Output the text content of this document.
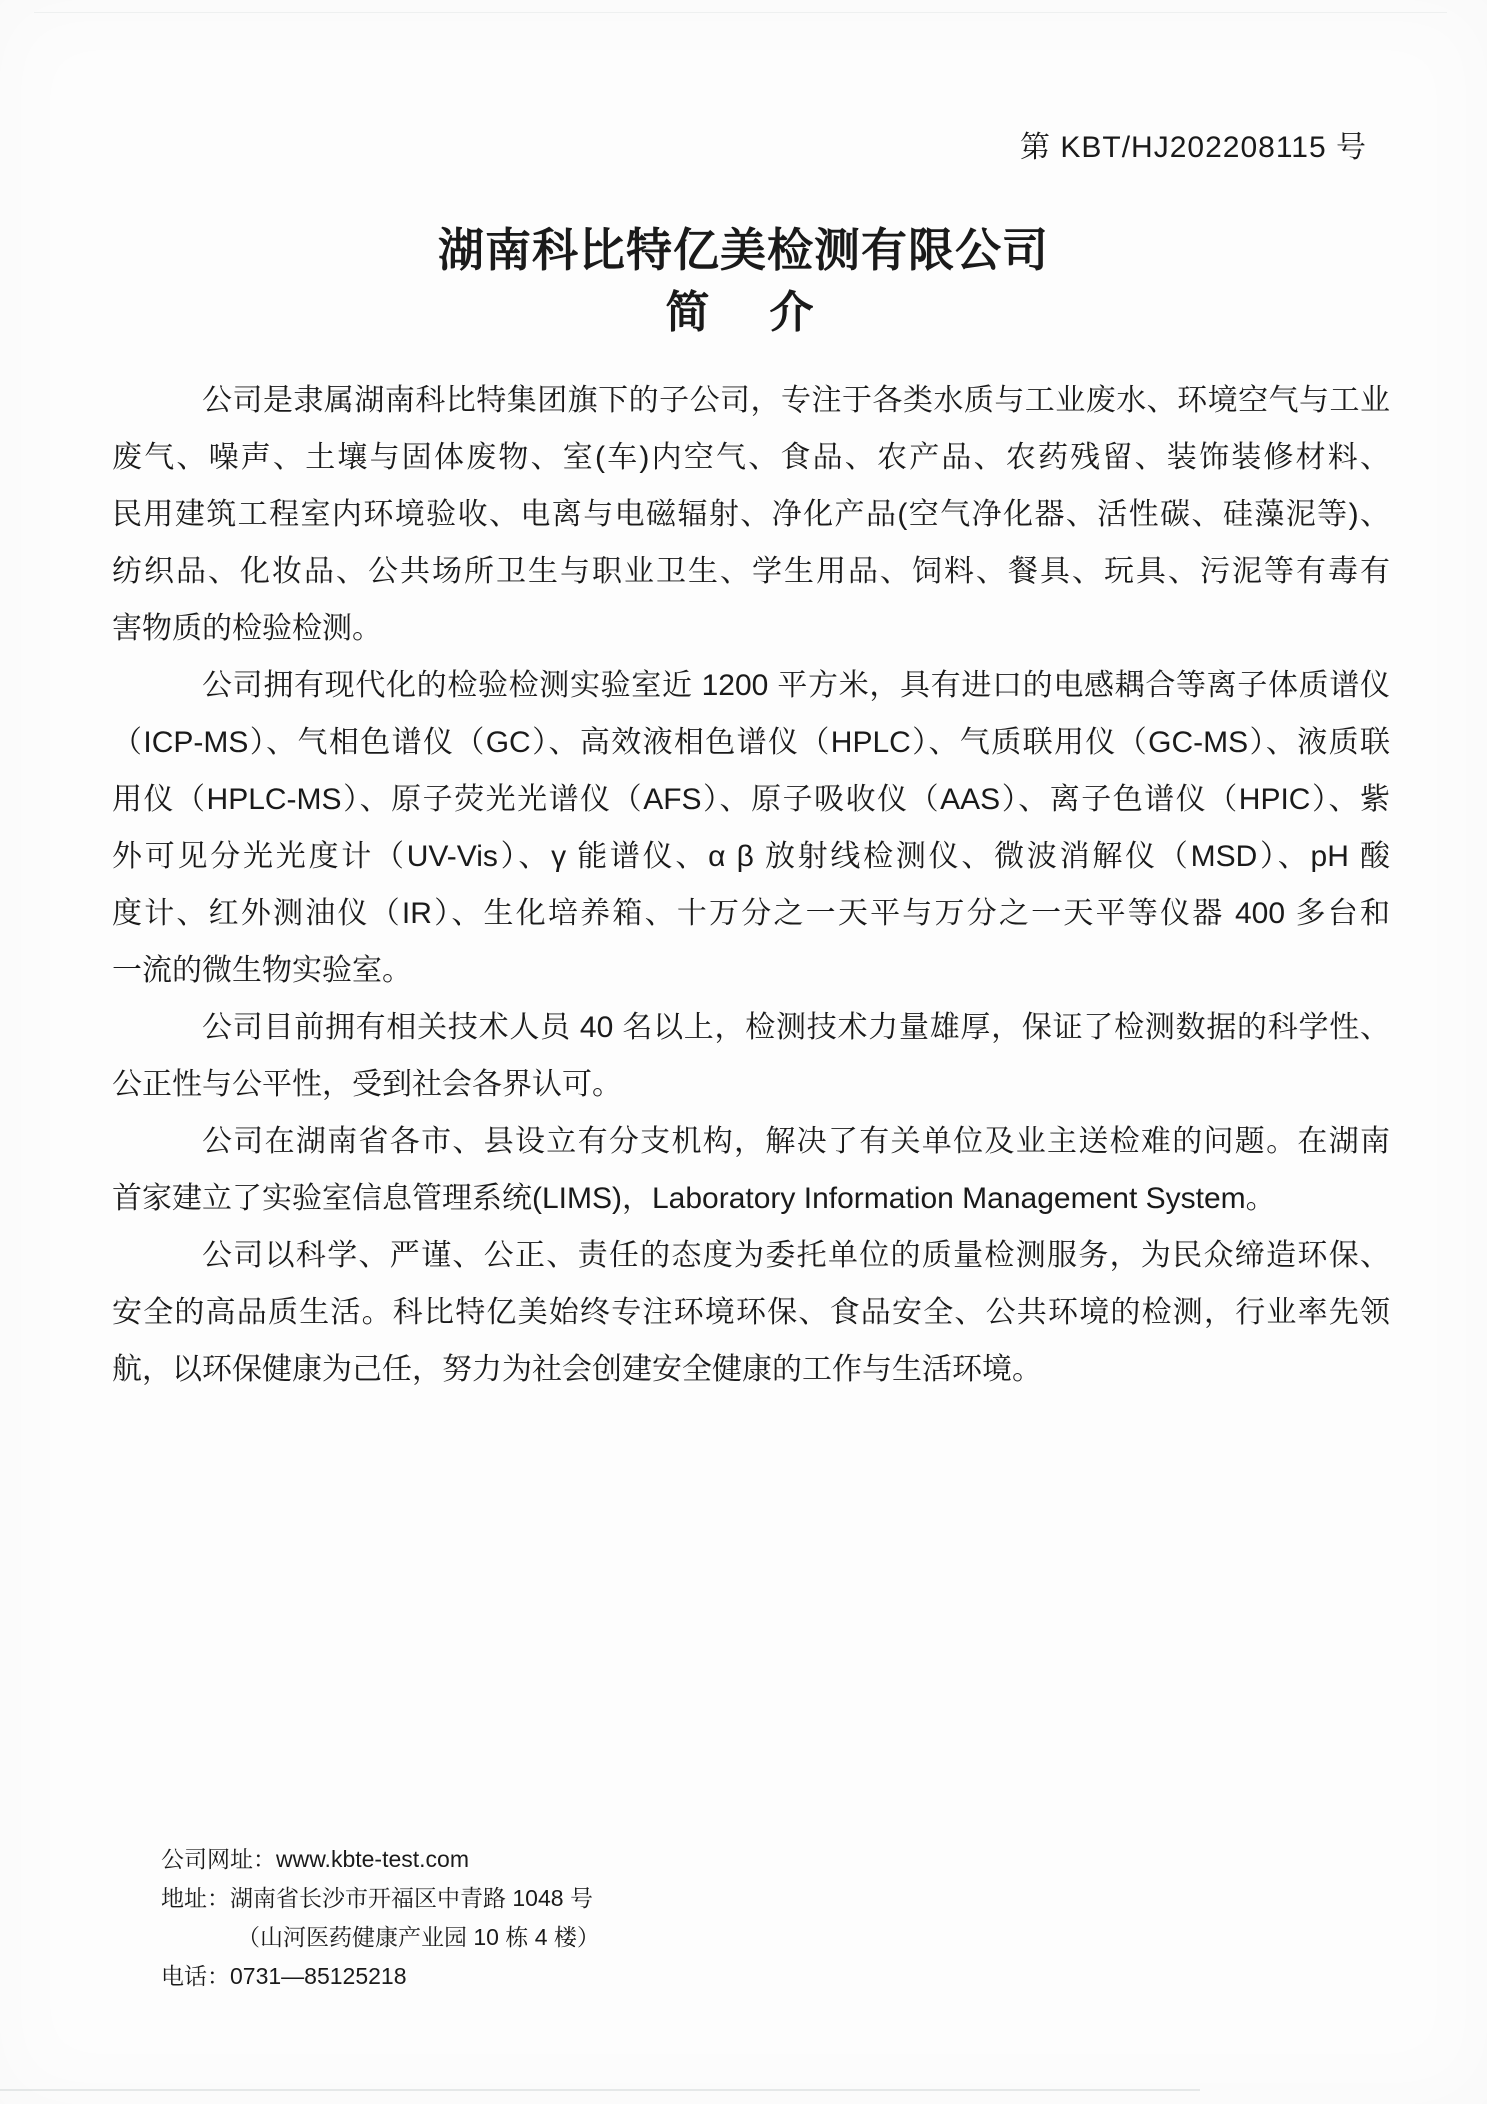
第 KBT/HJ202208115 号
湖南科比特亿美检测有限公司
简　介
公司是隶属湖南科比特集团旗下的子公司，专注于各类水质与工业废水、环境空气与工业
废气、噪声、土壤与固体废物、室(车)内空气、食品、农产品、农药残留、装饰装修材料、
民用建筑工程室内环境验收、电离与电磁辐射、净化产品(空气净化器、活性碳、硅藻泥等)、
纺织品、化妆品、公共场所卫生与职业卫生、学生用品、饲料、餐具、玩具、污泥等有毒有
害物质的检验检测。
公司拥有现代化的检验检测实验室近 1200 平方米，具有进口的电感耦合等离子体质谱仪
（ICP-MS）、气相色谱仪（GC）、高效液相色谱仪（HPLC）、气质联用仪（GC-MS）、液质联
用仪（HPLC-MS）、原子荧光光谱仪（AFS）、原子吸收仪（AAS）、离子色谱仪（HPIC）、紫
外可见分光光度计（UV-Vis）、γ 能谱仪、α β 放射线检测仪、微波消解仪（MSD）、pH 酸
度计、红外测油仪（IR）、生化培养箱、十万分之一天平与万分之一天平等仪器 400 多台和
一流的微生物实验室。
公司目前拥有相关技术人员 40 名以上，检测技术力量雄厚，保证了检测数据的科学性、
公正性与公平性，受到社会各界认可。
公司在湖南省各市、县设立有分支机构，解决了有关单位及业主送检难的问题。在湖南
首家建立了实验室信息管理系统(LIMS)，Laboratory Information Management System。
公司以科学、严谨、公正、责任的态度为委托单位的质量检测服务，为民众缔造环保、
安全的高品质生活。科比特亿美始终专注环境环保、食品安全、公共环境的检测，行业率先领
航，以环保健康为己任，努力为社会创建安全健康的工作与生活环境。
公司网址：www.kbte-test.com
地址：湖南省长沙市开福区中青路 1048 号
（山河医药健康产业园 10 栋 4 楼）
电话：0731—85125218
